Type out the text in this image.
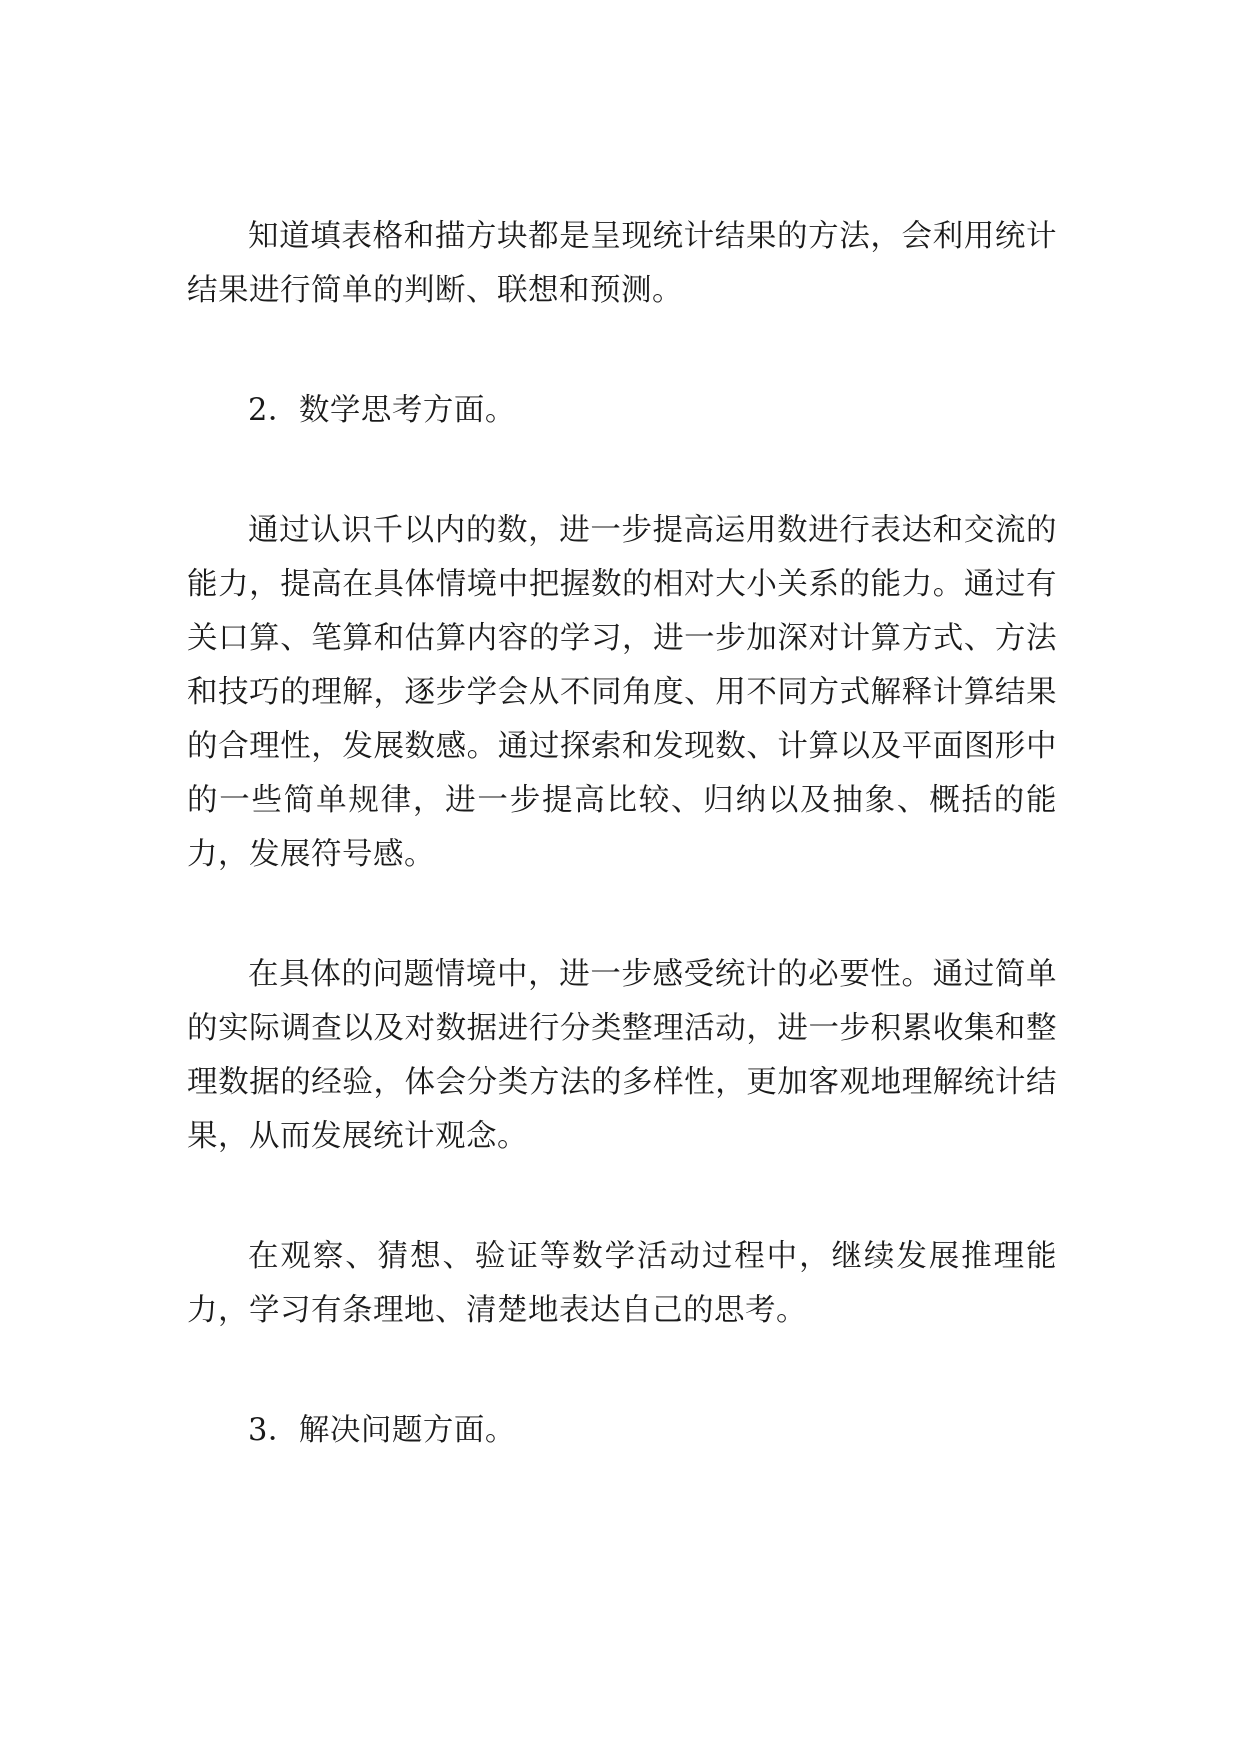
知道填表格和描方块都是呈现统计结果的方法，会利用统计结果进行简单的判断、联想和预测。

2．数学思考方面。

通过认识千以内的数，进一步提高运用数进行表达和交流的能力，提高在具体情境中把握数的相对大小关系的能力。通过有关口算、笔算和估算内容的学习，进一步加深对计算方式、方法和技巧的理解，逐步学会从不同角度、用不同方式解释计算结果的合理性，发展数感。通过探索和发现数、计算以及平面图形中的一些简单规律，进一步提高比较、归纳以及抽象、概括的能力，发展符号感。

在具体的问题情境中，进一步感受统计的必要性。通过简单的实际调查以及对数据进行分类整理活动，进一步积累收集和整理数据的经验，体会分类方法的多样性，更加客观地理解统计结果，从而发展统计观念。

在观察、猜想、验证等数学活动过程中，继续发展推理能力，学习有条理地、清楚地表达自己的思考。

3．解决问题方面。
